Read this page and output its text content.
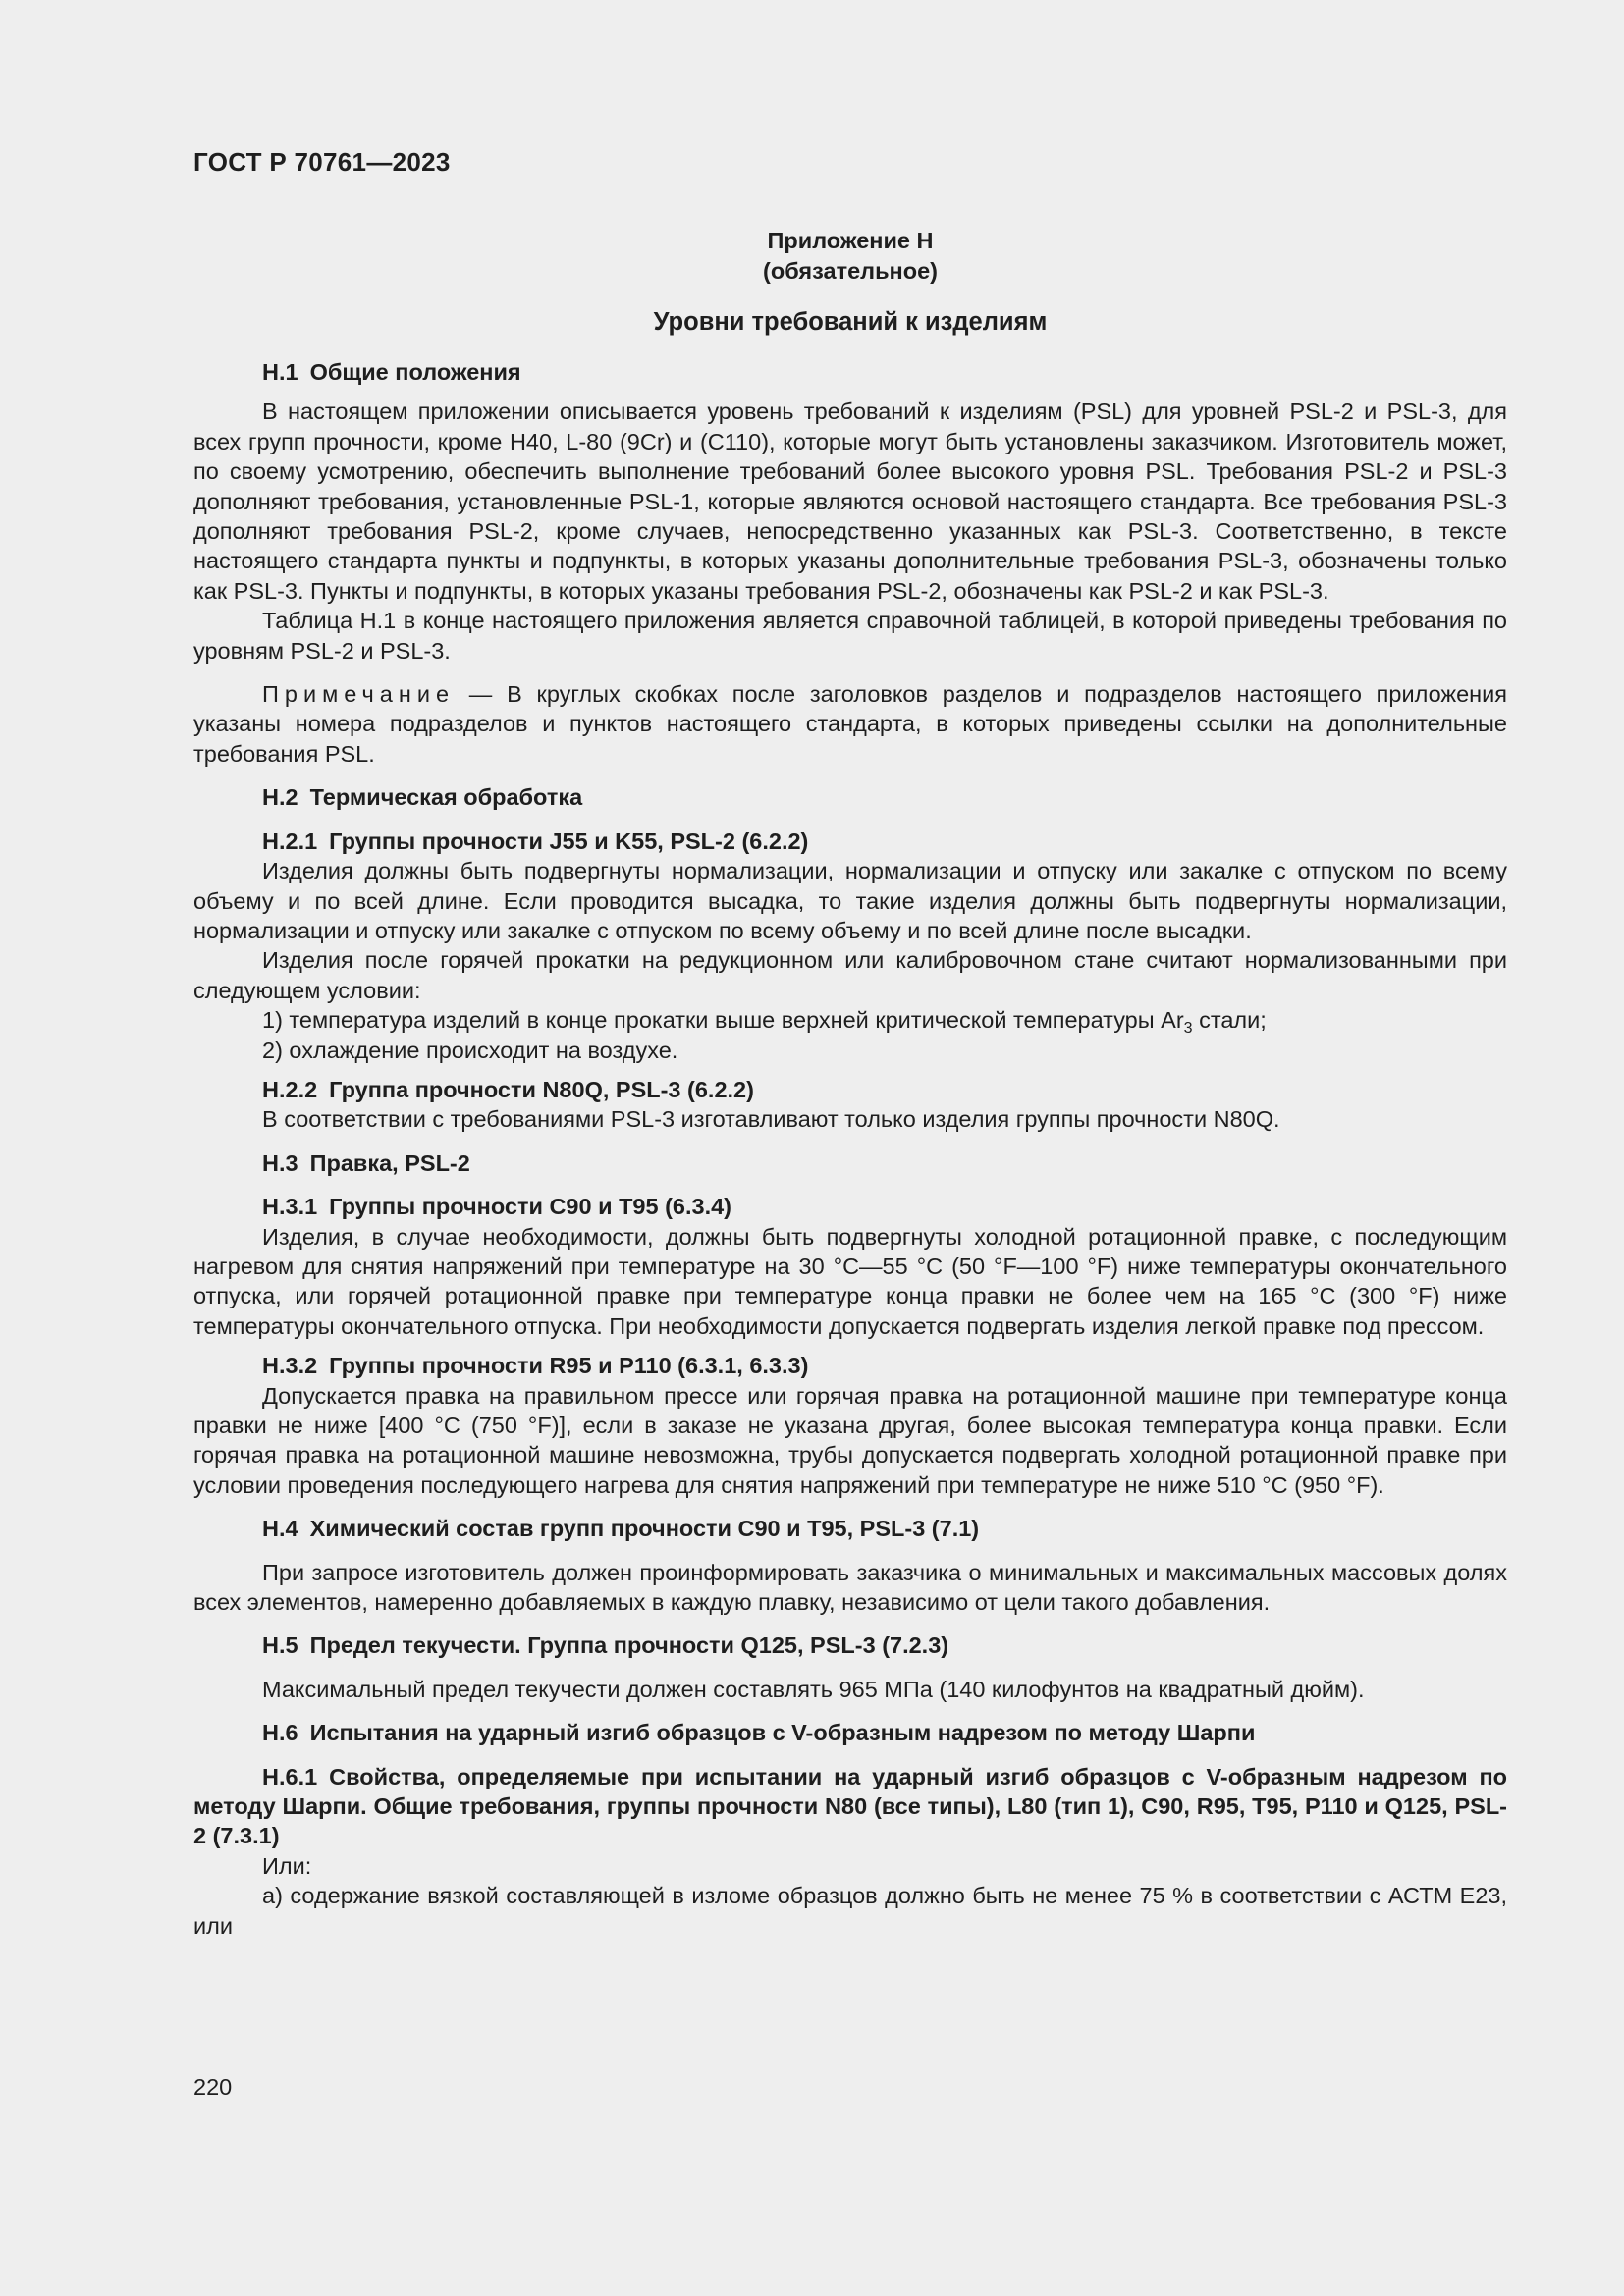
ГОСТ Р 70761—2023
Приложение Н
(обязательное)
Уровни требований к изделиям
Н.1 Общие положения

В настоящем приложении описывается уровень требований к изделиям (PSL) для уровней PSL-2 и PSL-3, для всех групп прочности, кроме Н40, L-80 (9Cr) и (С110), которые могут быть установлены заказчиком. Изготовитель может, по своему усмотрению, обеспечить выполнение требований более высокого уровня PSL. Требования PSL-2 и PSL-3 дополняют требования, установленные PSL-1, которые являются основой настоящего стандарта. Все требования PSL-3 дополняют требования PSL-2, кроме случаев, непосредственно указанных как PSL-3. Соответственно, в тексте настоящего стандарта пункты и подпункты, в которых указаны дополнительные требования PSL-3, обозначены только как PSL-3. Пункты и подпункты, в которых указаны требования PSL-2, обозначены как PSL-2 и как PSL-3.

Таблица Н.1 в конце настоящего приложения является справочной таблицей, в которой приведены требования по уровням PSL-2 и PSL-3.

Примечание — В круглых скобках после заголовков разделов и подразделов настоящего приложения указаны номера подразделов и пунктов настоящего стандарта, в которых приведены ссылки на дополнительные требования PSL.

Н.2 Термическая обработка
Н.2.1 Группы прочности J55 и K55, PSL-2 (6.2.2)

Изделия должны быть подвергнуты нормализации, нормализации и отпуску или закалке с отпуском по всему объему и по всей длине. Если проводится высадка, то такие изделия должны быть подвергнуты нормализации, нормализации и отпуску или закалке с отпуском по всему объему и по всей длине после высадки.

Изделия после горячей прокатки на редукционном или калибровочном стане считают нормализованными при следующем условии:

1) температура изделий в конце прокатки выше верхней критической температуры $Ar_3$ стали;
2) охлаждение происходит на воздухе.
Н.2.2 Группа прочности N80Q, PSL-3 (6.2.2)

В соответствии с требованиями PSL-3 изготавливают только изделия группы прочности N80Q.

Н.3 Правка, PSL-2
Н.3.1 Группы прочности С90 и Т95 (6.3.4)

Изделия, в случае необходимости, должны быть подвергнуты холодной ротационной правке, с последующим нагревом для снятия напряжений при температуре на 30 °С—55 °С (50 °F—100 °F) ниже температуры окончательного отпуска, или горячей ротационной правке при температуре конца правки не более чем на 165 °С (300 °F) ниже температуры окончательного отпуска. При необходимости допускается подвергать изделия легкой правке под прессом.

Н.3.2 Группы прочности R95 и Р110 (6.3.1, 6.3.3)

Допускается правка на правильном прессе или горячая правка на ротационной машине при температуре конца правки не ниже [400 °С (750 °F)], если в заказе не указана другая, более высокая температура конца правки. Если горячая правка на ротационной машине невозможна, трубы допускается подвергать холодной ротационной правке при условии проведения последующего нагрева для снятия напряжений при температуре не ниже 510 °С (950 °F).

Н.4 Химический состав групп прочности С90 и Т95, PSL-3 (7.1)

При запросе изготовитель должен проинформировать заказчика о минимальных и максимальных массовых долях всех элементов, намеренно добавляемых в каждую плавку, независимо от цели такого добавления.

Н.5 Предел текучести. Группа прочности Q125, PSL-3 (7.2.3)

Максимальный предел текучести должен составлять 965 МПа (140 килофунтов на квадратный дюйм).

Н.6 Испытания на ударный изгиб образцов с V-образным надрезом по методу Шарпи
Н.6.1 Свойства, определяемые при испытании на ударный изгиб образцов с V-образным надрезом по методу Шарпи. Общие требования, группы прочности N80 (все типы), L80 (тип 1), С90, R95, Т95, Р110 и Q125, PSL-2 (7.3.1)

Или:

а) содержание вязкой составляющей в изломе образцов должно быть не менее 75 % в соответствии с АСТМ Е23, или

220
